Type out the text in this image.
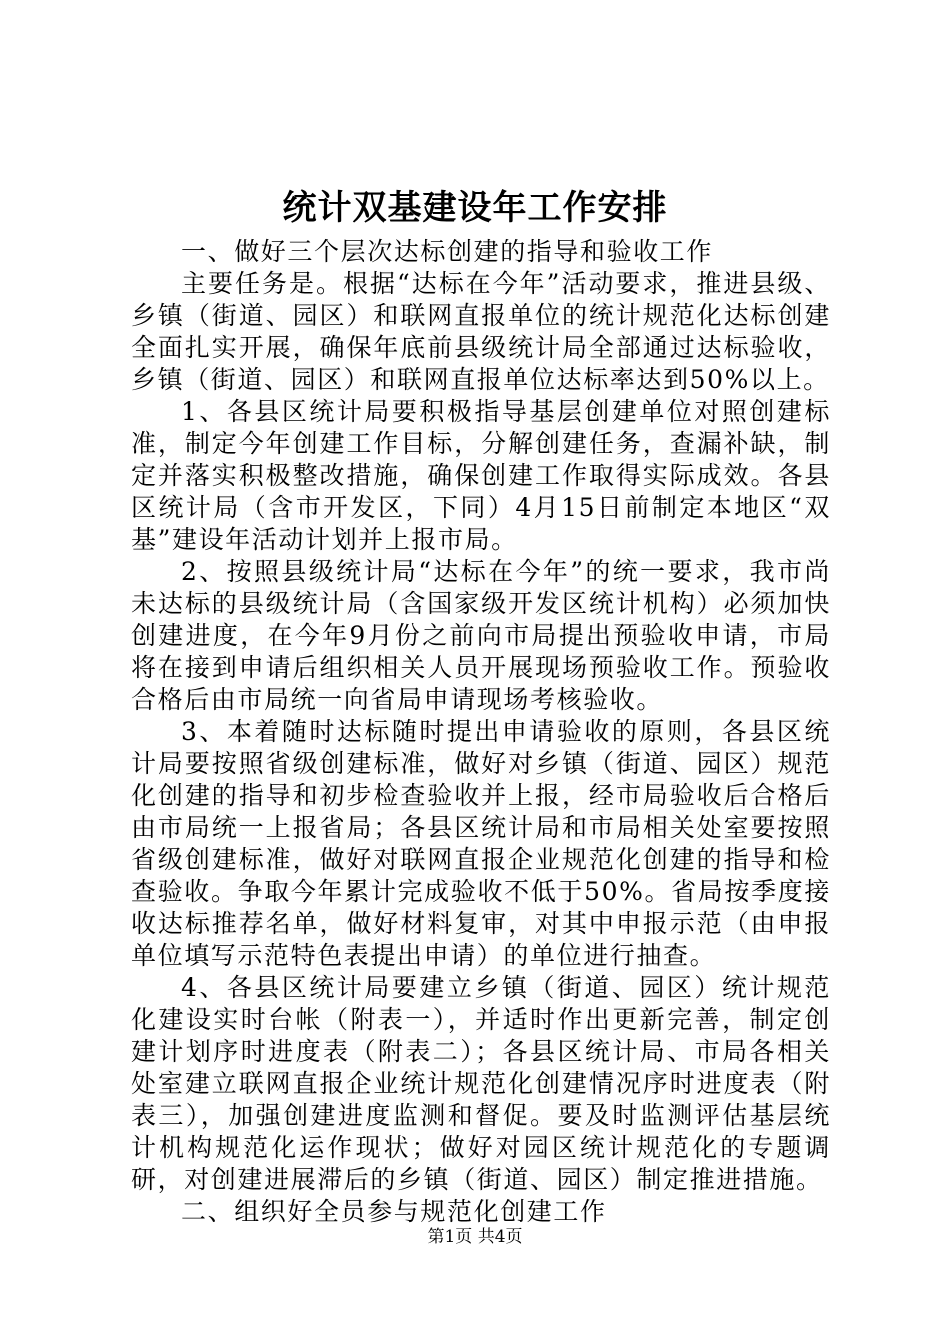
统计双基建设年工作安排

一、做好三个层次达标创建的指导和验收工作

主要任务是。根据“达标在今年”活动要求，推进县级、乡镇（街道、园区）和联网直报单位的统计规范化达标创建全面扎实开展，确保年底前县级统计局全部通过达标验收，乡镇（街道、园区）和联网直报单位达标率达到50%以上。

1、各县区统计局要积极指导基层创建单位对照创建标准，制定今年创建工作目标，分解创建任务，查漏补缺，制定并落实积极整改措施，确保创建工作取得实际成效。各县区统计局（含市开发区，下同）4月15日前制定本地区“双基”建设年活动计划并上报市局。

2、按照县级统计局“达标在今年”的统一要求，我市尚未达标的县级统计局（含国家级开发区统计机构）必须加快创建进度，在今年9月份之前向市局提出预验收申请，市局将在接到申请后组织相关人员开展现场预验收工作。预验收合格后由市局统一向省局申请现场考核验收。

3、本着随时达标随时提出申请验收的原则，各县区统计局要按照省级创建标准，做好对乡镇（街道、园区）规范化创建的指导和初步检查验收并上报，经市局验收后合格后由市局统一上报省局；各县区统计局和市局相关处室要按照省级创建标准，做好对联网直报企业规范化创建的指导和检查验收。争取今年累计完成验收不低于50%。省局按季度接收达标推荐名单，做好材料复审，对其中申报示范（由申报单位填写示范特色表提出申请）的单位进行抽查。

4、各县区统计局要建立乡镇（街道、园区）统计规范化建设实时台帐（附表一），并适时作出更新完善，制定创建计划序时进度表（附表二）；各县区统计局、市局各相关处室建立联网直报企业统计规范化创建情况序时进度表（附表三），加强创建进度监测和督促。要及时监测评估基层统计机构规范化运作现状；做好对园区统计规范化的专题调研，对创建进展滞后的乡镇（街道、园区）制定推进措施。

二、组织好全员参与规范化创建工作

第1页 共4页
